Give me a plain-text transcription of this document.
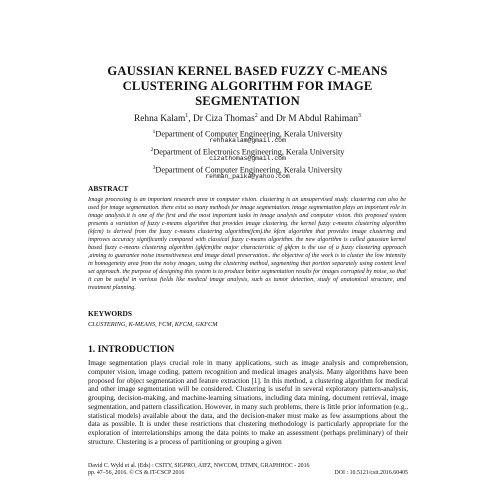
GAUSSIAN KERNEL BASED FUZZY C-MEANS
CLUSTERING ALGORITHM FOR IMAGE
SEGMENTATION
Rehna Kalam$^1$, Dr Ciza Thomas$^2$ and Dr M Abdul Rahiman$^3$
$^1$Department of Computer Engineering, Kerala University
rehnakalam@gmail.com
$^2$Department of Electronics Engineering, Kerala University
cizathomas@gmail.com
$^3$Department of Computer Engineering, Kerala University
rehman_paika@yahoo.com
ABSTRACT
Image processing is an important research area in computer vision. clustering is an unsupervised study. clustering can also be used for image segmentation. there exist so many methods for image segmentation. image segmentation plays an important role in image analysis.it is one of the first and the most important tasks in image analysis and computer vision. this proposed system presents a variation of fuzzy c-means algorithm that provides image clustering. the kernel fuzzy c-means clustering algorithm (kfcm) is derived from the fuzzy c-means clustering algorithm(fcm).the kfcm algorithm that provides image clustering and improves accuracy significantly compared with classical fuzzy c-means algorithm. the new algorithm is called gaussian kernel based fuzzy c-means clustering algorithm (gkfcm)the major characteristic of gkfcm is the use of a fuzzy clustering approach ,aiming to guarantee noise insensitiveness and image detail preservation.. the objective of the work is to cluster the low intensity in homogeneity area from the noisy images, using the clustering method, segmenting that portion separately using content level set approach. the purpose of designing this system is to produce better segmentation results for images corrupted by noise, so that it can be useful in various fields like medical image analysis, such as tumor detection, study of anatomical structure, and treatment planning.
KEYWORDS
CLUSTERING, K-MEANS, FCM, KFCM, GKFCM
1. INTRODUCTION
Image segmentation plays crucial role in many applications, such as image analysis and comprehension, computer vision, image coding, pattern recognition and medical images analysis. Many algorithms have been proposed for object segmentation and feature extraction [1]. In this method, a clustering algorithm for medical and other image segmentation will be considered. Clustering is useful in several exploratory pattern-analysis, grouping, decision-making, and machine-learning situations, including data mining, document retrieval, image segmentation, and pattern classification. However, in many such problems, there is little prior information (e.g., statistical models) available about the data, and the decision-maker must make as few assumptions about the data as possible. It is under these restrictions that clustering methodology is particularly appropriate for the exploration of interrelationships among the data points to make an assessment (perhaps preliminary) of their structure. Clustering is a process of partitioning or grouping a given
David C. Wyld et al. (Eds) : CSITY, SIGPRO, AIFZ, NWCOM, DTMN, GRAPHHOC - 2016
pp. 47–56, 2016. © CS & IT-CSCP 2016	DOI : 10.5121/csit.2016.60405
